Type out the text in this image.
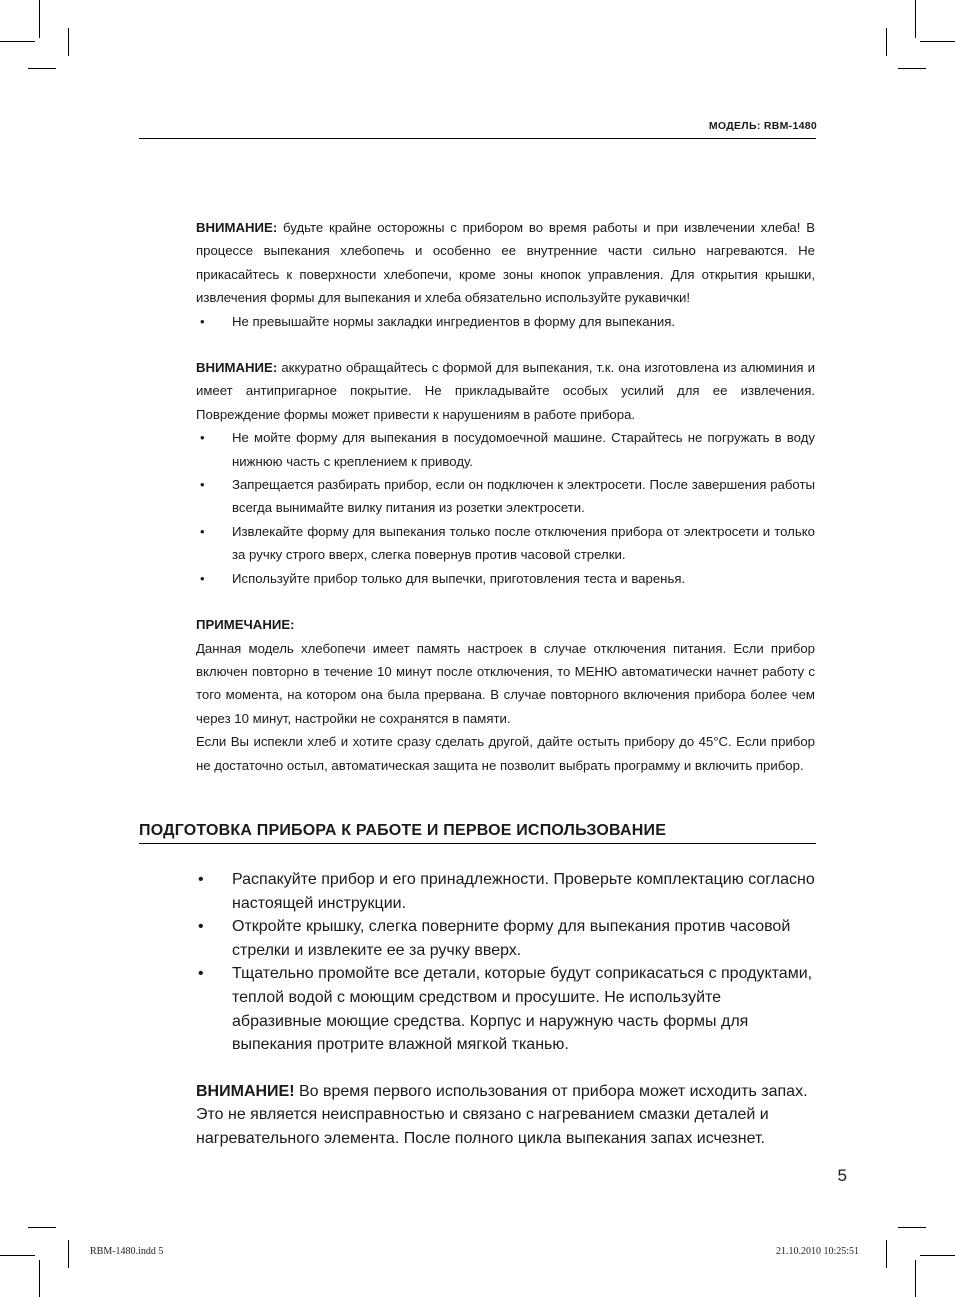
МОДЕЛЬ: RBM-1480

ВНИМАНИЕ: будьте крайне осторожны с прибором во время работы и при извлечении хлеба! В процессе выпекания хлебопечь и особенно ее внутренние части сильно нагреваются. Не прикасайтесь к поверхности хлебопечи, кроме зоны кнопок управления. Для открытия крышки, извлечения формы для выпекания и хлеба обязательно используйте рукавички!

• Не превышайте нормы закладки ингредиентов в форму для выпекания.

ВНИМАНИЕ: аккуратно обращайтесь с формой для выпекания, т.к. она изготовлена из алюминия и имеет антипригарное покрытие. Не прикладывайте особых усилий для ее извлечения. Повреждение формы может привести к нарушениям в работе прибора.

• Не мойте форму для выпекания в посудомоечной машине. Старайтесь не погружать в воду нижнюю часть с креплением к приводу.
• Запрещается разбирать прибор, если он подключен к электросети. После завершения работы всегда вынимайте вилку питания из розетки электросети.
• Извлекайте форму для выпекания только после отключения прибора от электросети и только за ручку строго вверх, слегка повернув против часовой стрелки.
• Используйте прибор только для выпечки, приготовления теста и варенья.

ПРИМЕЧАНИЕ:

Данная модель хлебопечи имеет память настроек в случае отключения питания. Если прибор включен повторно в течение 10 минут после отключения, то МЕНЮ автоматически начнет работу с того момента, на котором она была прервана. В случае повторного включения прибора более чем через 10 минут, настройки не сохранятся в памяти.

Если Вы испекли хлеб и хотите сразу сделать другой, дайте остыть прибору до 45°С. Если прибор не достаточно остыл, автоматическая защита не позволит выбрать программу и включить прибор.

ПОДГОТОВКА ПРИБОРА К РАБОТЕ И ПЕРВОЕ ИСПОЛЬЗОВАНИЕ
• Распакуйте прибор и его принадлежности. Проверьте комплектацию согласно настоящей инструкции.
• Откройте крышку, слегка поверните форму для выпекания против часовой стрелки и извлеките ее за ручку вверх.
• Тщательно промойте все детали, которые будут соприкасаться с продуктами, теплой водой с моющим средством и просушите. Не используйте абразивные моющие средства. Корпус и наружную часть формы для выпекания протрите влажной мягкой тканью.

ВНИМАНИЕ! Во время первого использования от прибора может исходить запах. Это не является неисправностью и связано с нагреванием смазки деталей и нагревательного элемента. После полного цикла выпекания запах исчезнет.

5
RBM-1480.indd 5	21.10.2010 10:25:51
